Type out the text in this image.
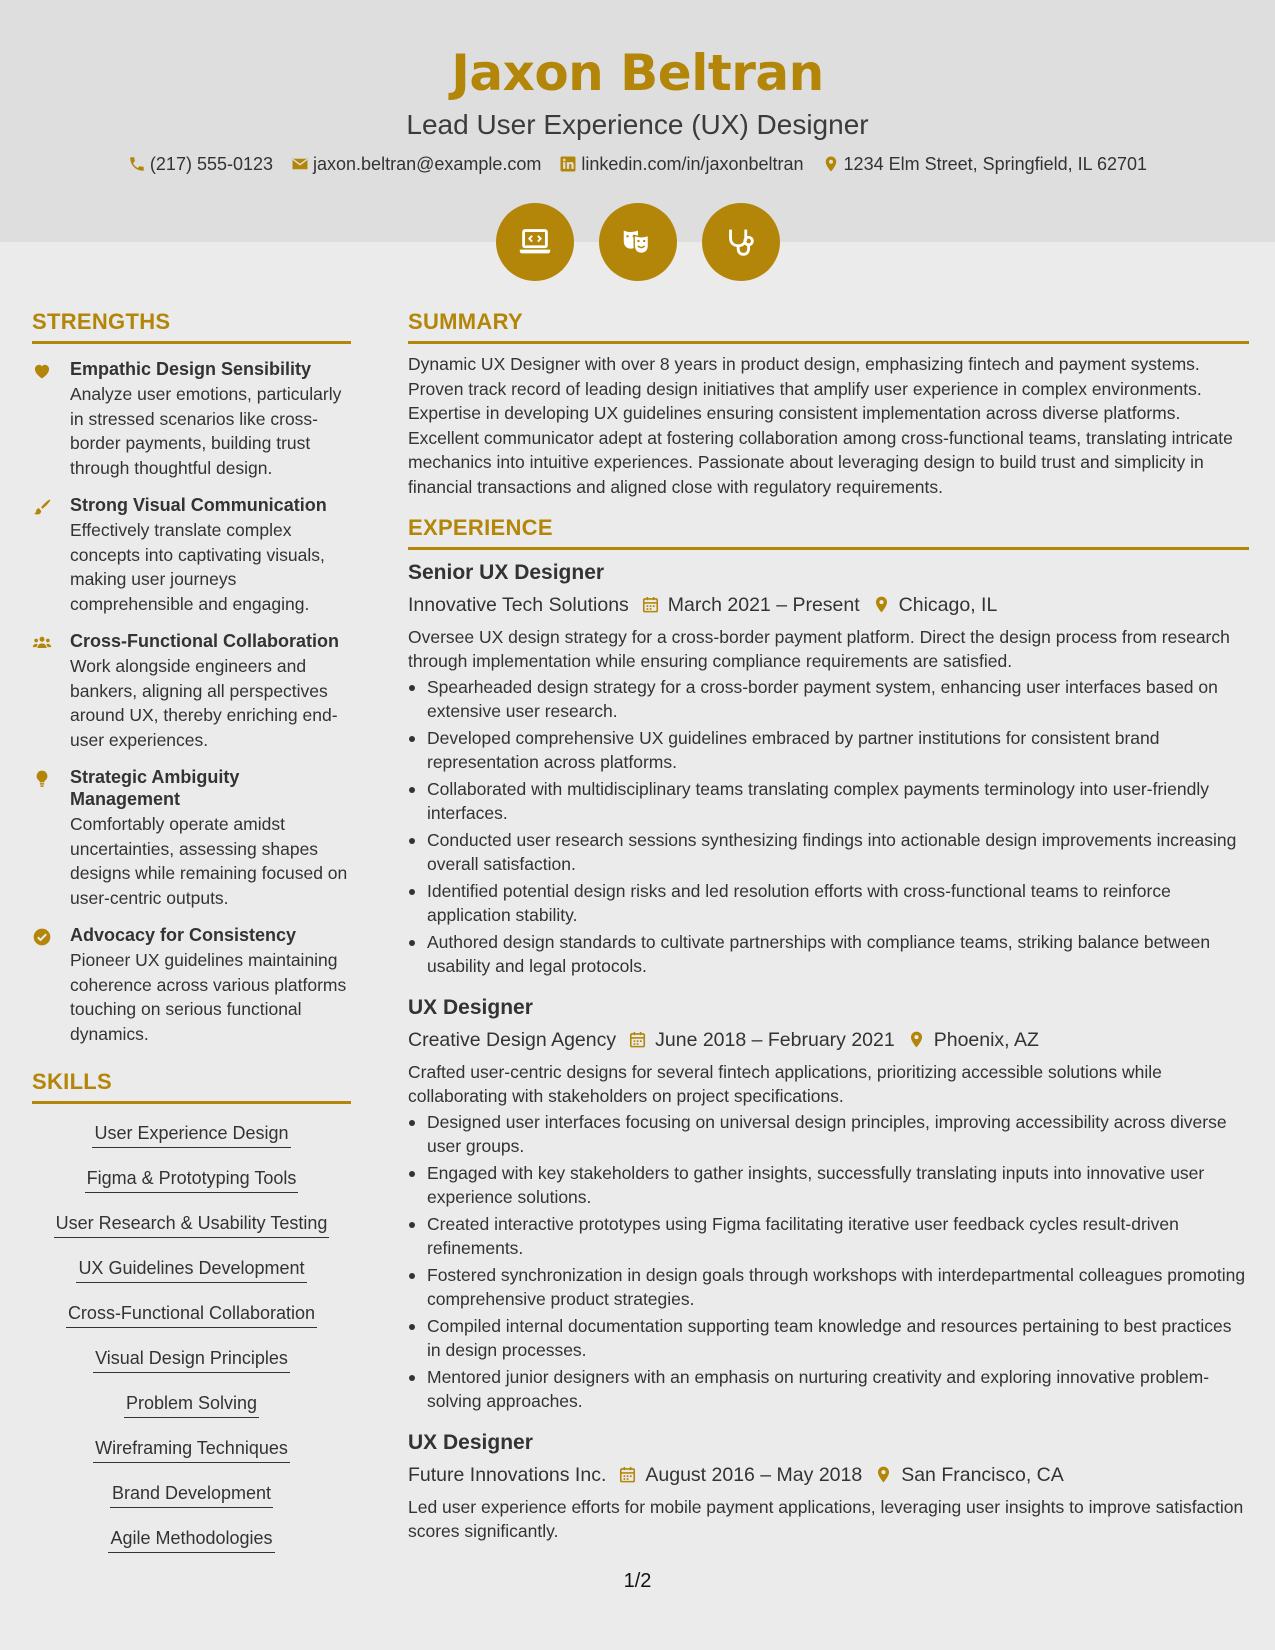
Jaxon Beltran
Lead User Experience (UX) Designer
(217) 555-0123 jaxon.beltran@example.com linkedin.com/in/jaxonbeltran 1234 Elm Street, Springfield, IL 62701
STRENGTHS
Empathic Design Sensibility
Analyze user emotions, particularly in stressed scenarios like cross-border payments, building trust through thoughtful design.
Strong Visual Communication
Effectively translate complex concepts into captivating visuals, making user journeys comprehensible and engaging.
Cross-Functional Collaboration
Work alongside engineers and bankers, aligning all perspectives around UX, thereby enriching end-user experiences.
Strategic Ambiguity Management
Comfortably operate amidst uncertainties, assessing shapes designs while remaining focused on user-centric outputs.
Advocacy for Consistency
Pioneer UX guidelines maintaining coherence across various platforms touching on serious functional dynamics.
SKILLS
User Experience Design
Figma & Prototyping Tools
User Research & Usability Testing
UX Guidelines Development
Cross-Functional Collaboration
Visual Design Principles
Problem Solving
Wireframing Techniques
Brand Development
Agile Methodologies
SUMMARY
Dynamic UX Designer with over 8 years in product design, emphasizing fintech and payment systems. Proven track record of leading design initiatives that amplify user experience in complex environments. Expertise in developing UX guidelines ensuring consistent implementation across diverse platforms. Excellent communicator adept at fostering collaboration among cross-functional teams, translating intricate mechanics into intuitive experiences. Passionate about leveraging design to build trust and simplicity in financial transactions and aligned close with regulatory requirements.
EXPERIENCE
Senior UX Designer
Innovative Tech Solutions March 2021 – Present Chicago, IL
Oversee UX design strategy for a cross-border payment platform. Direct the design process from research through implementation while ensuring compliance requirements are satisfied.
Spearheaded design strategy for a cross-border payment system, enhancing user interfaces based on extensive user research.
Developed comprehensive UX guidelines embraced by partner institutions for consistent brand representation across platforms.
Collaborated with multidisciplinary teams translating complex payments terminology into user-friendly interfaces.
Conducted user research sessions synthesizing findings into actionable design improvements increasing overall satisfaction.
Identified potential design risks and led resolution efforts with cross-functional teams to reinforce application stability.
Authored design standards to cultivate partnerships with compliance teams, striking balance between usability and legal protocols.
UX Designer
Creative Design Agency June 2018 – February 2021 Phoenix, AZ
Crafted user-centric designs for several fintech applications, prioritizing accessible solutions while collaborating with stakeholders on project specifications.
Designed user interfaces focusing on universal design principles, improving accessibility across diverse user groups.
Engaged with key stakeholders to gather insights, successfully translating inputs into innovative user experience solutions.
Created interactive prototypes using Figma facilitating iterative user feedback cycles result-driven refinements.
Fostered synchronization in design goals through workshops with interdepartmental colleagues promoting comprehensive product strategies.
Compiled internal documentation supporting team knowledge and resources pertaining to best practices in design processes.
Mentored junior designers with an emphasis on nurturing creativity and exploring innovative problem-solving approaches.
UX Designer
Future Innovations Inc. August 2016 – May 2018 San Francisco, CA
Led user experience efforts for mobile payment applications, leveraging user insights to improve satisfaction scores significantly.
1/2
